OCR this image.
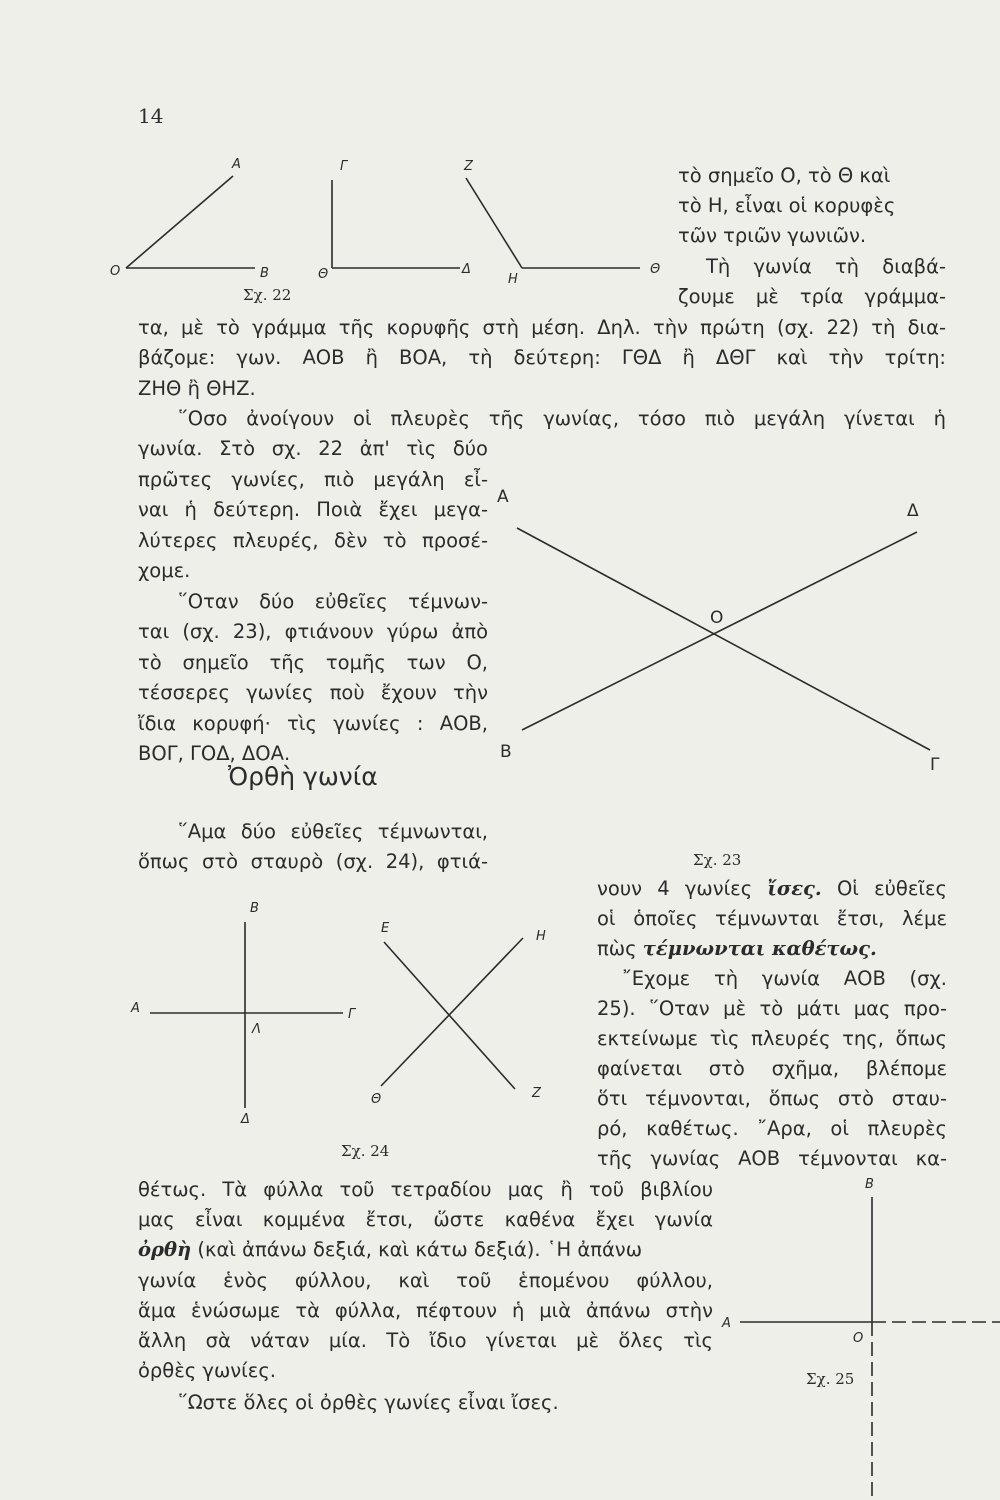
14
A
O	B
Γ
Θ	Δ
Z
H
Θ
A
Δ
O
B
Γ
B
A	Γ
Λ
Δ
E
H
Θ	Z
B
A
O
Σχ. 22
Σχ. 23
Σχ. 24
Σχ. 25
τὸ σημεῖο Ο, τὸ Θ καὶ
τὸ Η, εἶναι οἱ κορυφὲς
τῶν τριῶν γωνιῶν.
Τὴ γωνία τὴ διαβά-
ζουμε μὲ τρία γράμμα-
τα, μὲ τὸ γράμμα τῆς κορυφῆς στὴ μέση. Δηλ. τὴν πρώτη (σχ. 22) τὴ δια-
βάζομε: γων. ΑΟΒ ἢ ΒΟΑ, τὴ δεύτερη: ΓΘΔ ἢ ΔΘΓ καὶ τὴν τρίτη:
ΖΗΘ ἢ ΘΗΖ.
῞Οσο ἀνοίγουν οἱ πλευρὲς τῆς γωνίας, τόσο πιὸ μεγάλη γίνεται ἡ
γωνία. Στὸ σχ. 22 ἀπ' τὶς δύο
πρῶτες γωνίες, πιὸ μεγάλη εἶ-
ναι ἡ δεύτερη. Ποιὰ ἔχει μεγα-
λύτερες πλευρές, δὲν τὸ προσέ-
χομε.
῞Οταν δύο εὐθεῖες τέμνων-
ται (σχ. 23), φτιάνουν γύρω ἀπὸ
τὸ σημεῖο τῆς τομῆς των Ο,
τέσσερες γωνίες ποὺ ἔχουν τὴν
ἴδια κορυφή· τὶς γωνίες : ΑΟΒ,
ΒΟΓ, ΓΟΔ, ΔΟΑ.
Ὀρθὴ γωνία
῞Αμα δύο εὐθεῖες τέμνωνται,
ὅπως στὸ σταυρὸ (σχ. 24), φτιά-
νουν 4 γωνίες ἴσες. Οἱ εὐθεῖες
οἱ ὁποῖες τέμνωνται ἔτσι, λέμε
πὼς τέμνωνται καθέτως.
῎Εχομε τὴ γωνία ΑΟΒ (σχ.
25). ῞Οταν μὲ τὸ μάτι μας προ-
εκτείνωμε τὶς πλευρές της, ὅπως
φαίνεται στὸ σχῆμα, βλέπομε
ὅτι τέμνονται, ὅπως στὸ σταυ-
ρό, καθέτως. ῎Αρα, οἱ πλευρὲς
τῆς γωνίας ΑΟΒ τέμνονται κα-
θέτως. Τὰ φύλλα τοῦ τετραδίου μας ἢ τοῦ βιβλίου
μας εἶναι κομμένα ἔτσι, ὥστε καθένα ἔχει γωνία
ὀρθὴ (καὶ ἀπάνω δεξιά, καὶ κάτω δεξιά). ῾Η ἀπάνω
γωνία ἑνὸς φύλλου, καὶ τοῦ ἑπομένου φύλλου,
ἅμα ἑνώσωμε τὰ φύλλα, πέφτουν ἡ μιὰ ἀπάνω στὴν
ἄλλη σὰ νάταν μία. Τὸ ἴδιο γίνεται μὲ ὅλες τὶς
ὀρθὲς γωνίες.
῞Ωστε ὅλες οἱ ὀρθὲς γωνίες εἶναι ἴσες.
